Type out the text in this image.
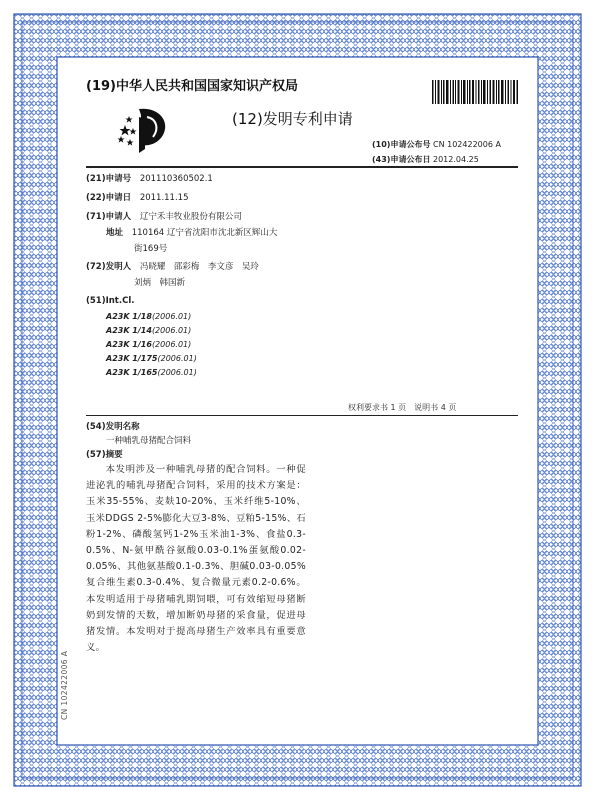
(19)中华人民共和国国家知识产权局
(12)发明专利申请
(10)申请公布号 CN 102422006 A
(43)申请公布日 2012.04.25
(21)申请号 201110360502.1
(22)申请日 2011.11.15
(71)申请人 辽宁禾丰牧业股份有限公司
地址 110164 辽宁省沈阳市沈北新区辉山大
街169号
(72)发明人 冯晓耀　邵彩梅　李文彦　吴玲
刘炳　韩国新
(51)Int.Cl.
A23K 1/18(2006.01)
A23K 1/14(2006.01)
A23K 1/16(2006.01)
A23K 1/175(2006.01)
A23K 1/165(2006.01)
权利要求书 1 页　说明书 4 页
(54)发明名称
一种哺乳母猪配合饲料
(57)摘要
  本发明涉及一种哺乳母猪的配合饲料。一种促进泌乳的哺乳母猪配合饲料，采用的技术方案是：玉米35-55%、麦麸10-20%、玉米纤维5-10%、玉米DDGS 2-5%膨化大豆3-8%、豆粕5-15%、石粉1-2%、磷酸氢钙1-2%玉米油1-3%、食盐0.3-0.5%、N-氨甲酰谷氨酸0.03-0.1%蛋氨酸0.02-0.05%、其他氨基酸0.1-0.3%、胆碱0.03-0.05%复合维生素0.3-0.4%、复合微量元素0.2-0.6%。本发明适用于母猪哺乳期饲喂，可有效缩短母猪断奶到发情的天数，增加断奶母猪的采食量，促进母猪发情。本发明对于提高母猪生产效率具有重要意义。
CN 102422006 A
